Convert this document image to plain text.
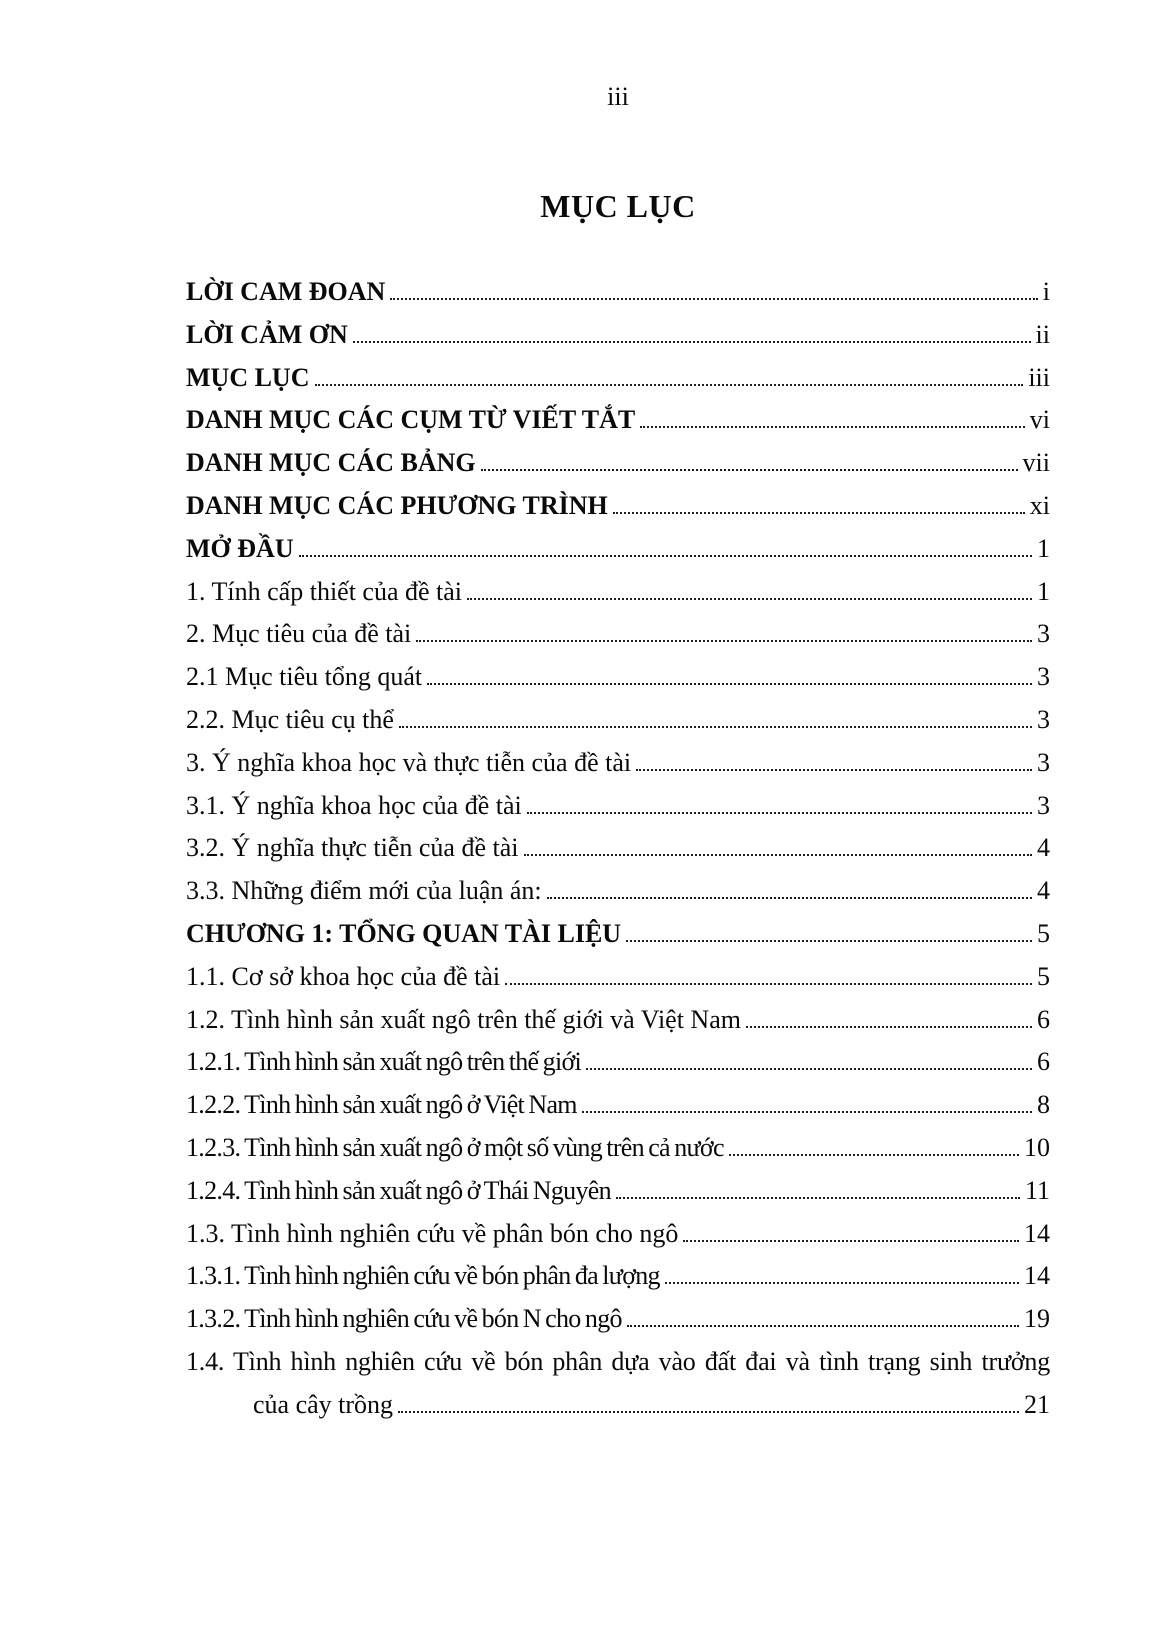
iii
MỤC LỤC
LỜI CAM ĐOAN	i
LỜI CẢM ƠN	ii
MỤC LỤC	iii
DANH MỤC CÁC CỤM TỪ VIẾT TẮT	vi
DANH MỤC CÁC BẢNG	vii
DANH MỤC CÁC PHƯƠNG TRÌNH	xi
MỞ ĐẦU	1
1. Tính cấp thiết của đề tài	1
2. Mục tiêu của đề tài	3
2.1 Mục tiêu tổng quát	3
2.2. Mục tiêu cụ thể	3
3. Ý nghĩa khoa học và thực tiễn của đề tài	3
3.1. Ý nghĩa khoa học của đề tài	3
3.2. Ý nghĩa thực tiễn của đề tài	4
3.3. Những điểm mới của luận án:	4
CHƯƠNG 1: TỔNG QUAN TÀI LIỆU	5
1.1. Cơ sở khoa học của đề tài	5
1.2. Tình hình sản xuất ngô trên thế giới và Việt Nam	6
1.2.1. Tình hình sản xuất ngô trên thế giới	6
1.2.2. Tình hình sản xuất ngô ở Việt Nam	8
1.2.3. Tình hình sản xuất ngô ở một số vùng trên cả nước	10
1.2.4. Tình hình sản xuất ngô ở Thái Nguyên	11
1.3. Tình hình nghiên cứu về phân bón cho ngô	14
1.3.1. Tình hình nghiên cứu về bón phân đa lượng	14
1.3.2. Tình hình nghiên cứu về bón N cho ngô	19
1.4. Tình hình nghiên cứu về bón phân dựa vào đất đai và tình trạng sinh trưởng
của cây trồng	21
